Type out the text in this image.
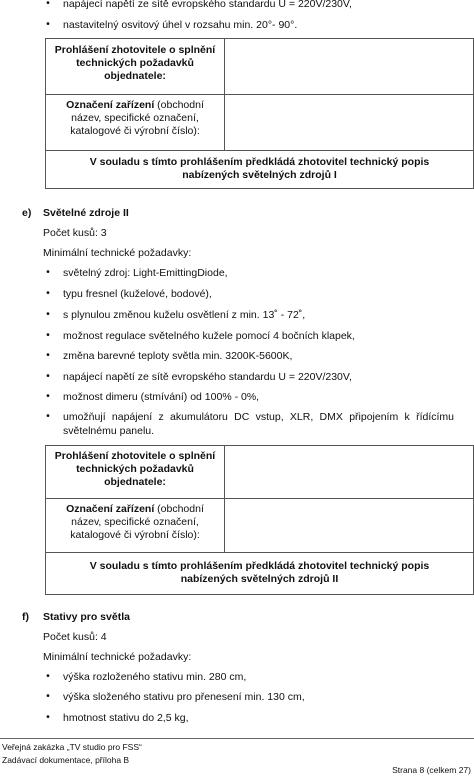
•	napájecí napětí ze sítě evropského standardu U = 220V/230V,
•	nastavitelný osvitový úhel v rozsahu min. 20°- 90°.
Prohlášení zhotovitele o splnění technických požadavků objednatele:	

Označení zařízení (obchodní název, specifické označení, katalogové či výrobní číslo):	

V souladu s tímto prohlášením předkládá zhotovitel technický popis nabízených světelných zdrojů I	
e) Světelné zdroje II
Počet kusů: 3
Minimální technické požadavky:
•	světelný zdroj: Light-EmittingDiode,
•	typu fresnel (kuželové, bodové),
•	s plynulou změnou kuželu osvětlení z min. 13˚ - 72˚,
•	možnost regulace světelného kužele pomocí 4 bočních klapek,
•	změna barevné teploty světla min. 3200K-5600K,
•	napájecí napětí ze sítě evropského standardu U = 220V/230V,
•	možnost dimeru (stmívání) od 100% - 0%,
•	umožňují napájení z akumulátoru DC vstup, XLR, DMX připojením k řídícímu světelnému panelu.
Prohlášení zhotovitele o splnění technických požadavků objednatele:	

Označení zařízení (obchodní název, specifické označení, katalogové či výrobní číslo):	

V souladu s tímto prohlášením předkládá zhotovitel technický popis nabízených světelných zdrojů II	
f) Stativy pro světla
Počet kusů: 4
Minimální technické požadavky:
•	výška rozloženého stativu min. 280 cm,
•	výška složeného stativu pro přenesení min. 130 cm,
•	hmotnost stativu do 2,5 kg,
Veřejná zakázka „TV studio pro FSS“
Zadávací dokumentace, příloha B
Strana 8 (celkem 27)
